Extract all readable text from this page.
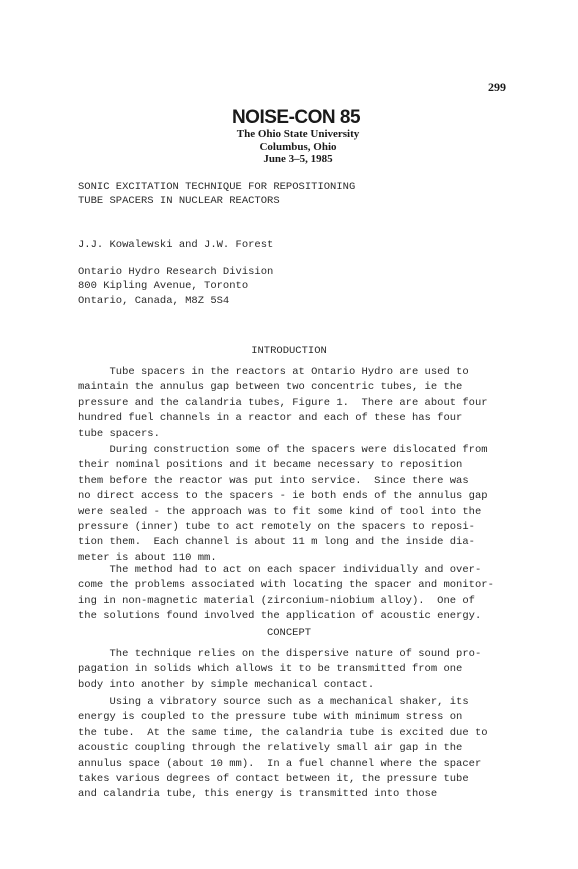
299
NOISE-CON 85
The Ohio State University
Columbus, Ohio
June 3–5, 1985
SONIC EXCITATION TECHNIQUE FOR REPOSITIONING
TUBE SPACERS IN NUCLEAR REACTORS
J.J. Kowalewski and J.W. Forest
Ontario Hydro Research Division
800 Kipling Avenue, Toronto
Ontario, Canada, M8Z 5S4
INTRODUCTION
Tube spacers in the reactors at Ontario Hydro are used to
maintain the annulus gap between two concentric tubes, ie the
pressure and the calandria tubes, Figure 1.  There are about four
hundred fuel channels in a reactor and each of these has four
tube spacers.
During construction some of the spacers were dislocated from
their nominal positions and it became necessary to reposition
them before the reactor was put into service.  Since there was
no direct access to the spacers - ie both ends of the annulus gap
were sealed - the approach was to fit some kind of tool into the
pressure (inner) tube to act remotely on the spacers to reposi-
tion them.  Each channel is about 11 m long and the inside dia-
meter is about 110 mm.
The method had to act on each spacer individually and over-
come the problems associated with locating the spacer and monitor-
ing in non-magnetic material (zirconium-niobium alloy).  One of
the solutions found involved the application of acoustic energy.
CONCEPT
The technique relies on the dispersive nature of sound pro-
pagation in solids which allows it to be transmitted from one
body into another by simple mechanical contact.
Using a vibratory source such as a mechanical shaker, its
energy is coupled to the pressure tube with minimum stress on
the tube.  At the same time, the calandria tube is excited due to
acoustic coupling through the relatively small air gap in the
annulus space (about 10 mm).  In a fuel channel where the spacer
takes various degrees of contact between it, the pressure tube
and calandria tube, this energy is transmitted into those
